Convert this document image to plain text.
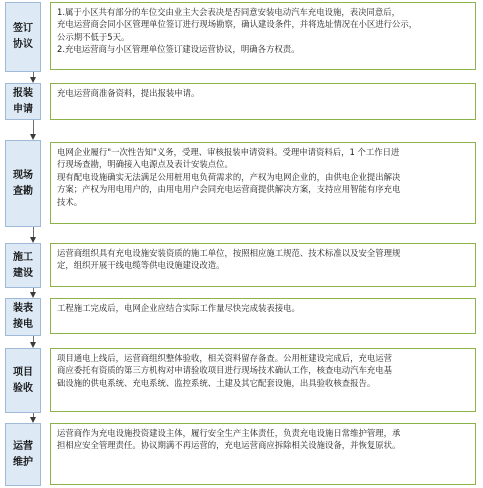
签订
协议

1.属于小区共有部分的车位交由业主大会表决是否同意安装电动汽车充电设施，表决同意后，
充电运营商会同小区管理单位签订进行现场勘察，确认建设条件，并将选址情况在小区进行公示，
公示期不低于5天。
2.充电运营商与小区管理单位签订建设运营协议，明确各方权责。

报装
申请

充电运营商准备资料，提出报装申请。

现场
查勘

电网企业履行"一次性告知"义务，受理、审核报装申请资料。受理申请资料后，1 个工作日进
行现场查勘，明确接入电源点及表计安装点位。
现有配电设施确实无法满足公用桩用电负荷需求的，产权为电网企业的，由供电企业提出解决
方案；产权为用电用户的，由用电用户会同充电运营商提供解决方案，支持应用智能有序充电
技术。

施工
建设

运营商组织具有充电设施安装资质的施工单位，按照相应施工规范、技术标准以及安全管理规
定，组织开展干线电缆等供电设施建设改造。

装表
接电

工程施工完成后，电网企业应结合实际工作量尽快完成装表接电。

项目
验收

项目通电上线后，运营商组织整体验收，相关资料留存备查。公用桩建设完成后，充电运营
商应委托有资质的第三方机构对申请验收项目进行现场技术确认工作，核查电动汽车充电基
础设施的供电系统、充电系统、监控系统、土建及其它配套设施，出具验收核查报告。

运营
维护

运营商作为充电设施投资建设主体，履行安全生产主体责任，负责充电设施日常维护管理，承
担相应安全管理责任。协议期满不再运营的，充电运营商应拆除相关设施设备，并恢复原状。
